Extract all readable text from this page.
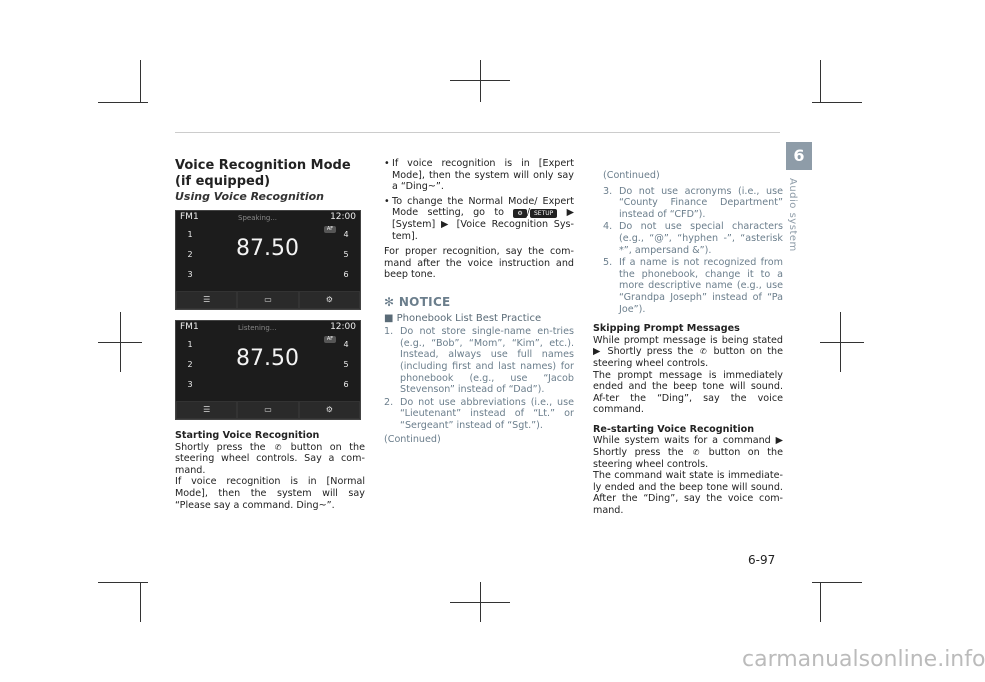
Voice Recognition Mode (if equipped)
Using Voice Recognition
FM1	Speaking...	12:00
AF
1
2
3
4
5
6
87.50
☰	▭	⚙
FM1	Listening...	12:00
AF
1
2
3
4
5
6
87.50
☰	▭	⚙
Starting Voice Recognition

Shortly press the ✆ button on the steering wheel controls. Say a com-mand.

If voice recognition is in [Normal Mode], then the system will say “Please say a command. Ding~”.

• If voice recognition is in [Expert Mode], then the system will only say a “Ding~”.
• To change the Normal Mode/ Expert Mode setting, go to ⚙ / SETUP ▶ [System] ▶ [Voice Recognition Sys-tem].

For proper recognition, say the com-mand after the voice instruction and beep tone.

✻ NOTICE
■ Phonebook List Best Practice
1. Do not store single-name en-tries (e.g., “Bob”, “Mom”, “Kim”, etc.). Instead, always use full names (including first and last names) for phonebook (e.g., use “Jacob Stevenson” instead of “Dad”).
2. Do not use abbreviations (i.e., use “Lieutenant” instead of “Lt.” or “Sergeant” instead of “Sgt.”).
(Continued)
(Continued)
3. Do not use acronyms (i.e., use “County Finance Department” instead of “CFD”).
4. Do not use special characters (e.g., “@”, “hyphen -”, “asterisk *”, ampersand &”).
5. If a name is not recognized from the phonebook, change it to a more descriptive name (e.g., use “Grandpa Joseph” instead of “Pa Joe”).
Skipping Prompt Messages

While prompt message is being stated ▶ Shortly press the ✆ button on the steering wheel controls.

The prompt message is immediately ended and the beep tone will sound. Af-ter the “Ding”, say the voice command.

Re-starting Voice Recognition

While system waits for a command ▶ Shortly press the ✆ button on the steering wheel controls.

The command wait state is immediate-ly ended and the beep tone will sound. After the “Ding”, say the voice com-mand.

6
Audio system
6-97
carmanualsonline.info
